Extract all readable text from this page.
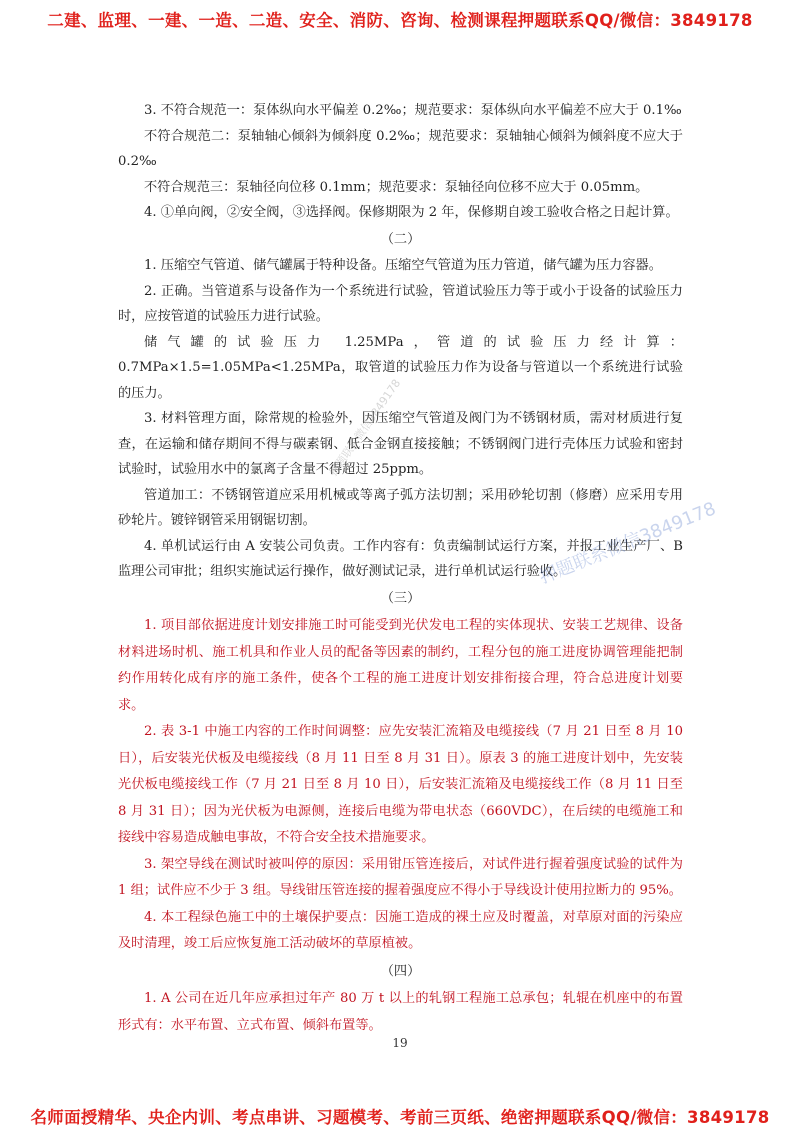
二建、监理、一建、一造、二造、安全、消防、咨询、检测课程押题联系QQ/微信：3849178

3. 不符合规范一：泵体纵向水平偏差 0.2‰；规范要求：泵体纵向水平偏差不应大于 0.1‰

不符合规范二：泵轴轴心倾斜为倾斜度 0.2‰；规范要求：泵轴轴心倾斜为倾斜度不应大于 0.2‰

不符合规范三：泵轴径向位移 0.1mm；规范要求：泵轴径向位移不应大于 0.05mm。

4. ①单向阀，②安全阀，③选择阀。保修期限为 2 年，保修期自竣工验收合格之日起计算。

（二）

1. 压缩空气管道、储气罐属于特种设备。压缩空气管道为压力管道，储气罐为压力容器。

2. 正确。当管道系与设备作为一个系统进行试验，管道试验压力等于或小于设备的试验压力时，应按管道的试验压力进行试验。

储气罐的试验压力 1.25MPa，管道的试验压力经计算：0.7MPa×1.5=1.05MPa<1.25MPa，取管道的试验压力作为设备与管道以一个系统进行试验的压力。

3. 材料管理方面，除常规的检验外，因压缩空气管道及阀门为不锈钢材质，需对材质进行复查，在运输和储存期间不得与碳素钢、低合金钢直接接触；不锈钢阀门进行壳体压力试验和密封试验时，试验用水中的氯离子含量不得超过 25ppm。

管道加工：不锈钢管道应采用机械或等离子弧方法切割；采用砂轮切割（修磨）应采用专用砂轮片。镀锌钢管采用钢锯切割。

4. 单机试运行由 A 安装公司负责。工作内容有：负责编制试运行方案，并报工业生产厂、B 监理公司审批；组织实施试运行操作，做好测试记录，进行单机试运行验收。

（三）

1. 项目部依据进度计划安排施工时可能受到光伏发电工程的实体现状、安装工艺规律、设备材料进场时机、施工机具和作业人员的配备等因素的制约，工程分包的施工进度协调管理能把制约作用转化成有序的施工条件，使各个工程的施工进度计划安排衔接合理，符合总进度计划要求。

2. 表 3-1 中施工内容的工作时间调整：应先安装汇流箱及电缆接线（7 月 21 日至 8 月 10 日），后安装光伏板及电缆接线（8 月 11 日至 8 月 31 日）。原表 3 的施工进度计划中，先安装光伏板电缆接线工作（7 月 21 日至 8 月 10 日），后安装汇流箱及电缆接线工作（8 月 11 日至 8 月 31 日）；因为光伏板为电源侧，连接后电缆为带电状态（660VDC），在后续的电缆施工和接线中容易造成触电事故，不符合安全技术措施要求。

3. 架空导线在测试时被叫停的原因：采用钳压管连接后，对试件进行握着强度试验的试件为 1 组；试件应不少于 3 组。导线钳压管连接的握着强度应不得小于导线设计使用拉断力的 95%。

4. 本工程绿色施工中的土壤保护要点：因施工造成的裸土应及时覆盖，对草原对面的污染应及时清理，竣工后应恢复施工活动破坏的草原植被。

（四）

1. A 公司在近几年应承担过年产 80 万 t 以上的轧钢工程施工总承包；轧辊在机座中的布置形式有：水平布置、立式布置、倾斜布置等。

19
押题联系微信3849178
押题联系微信3849178
名师面授精华、央企内训、考点串讲、习题模考、考前三页纸、绝密押题联系QQ/微信：3849178
